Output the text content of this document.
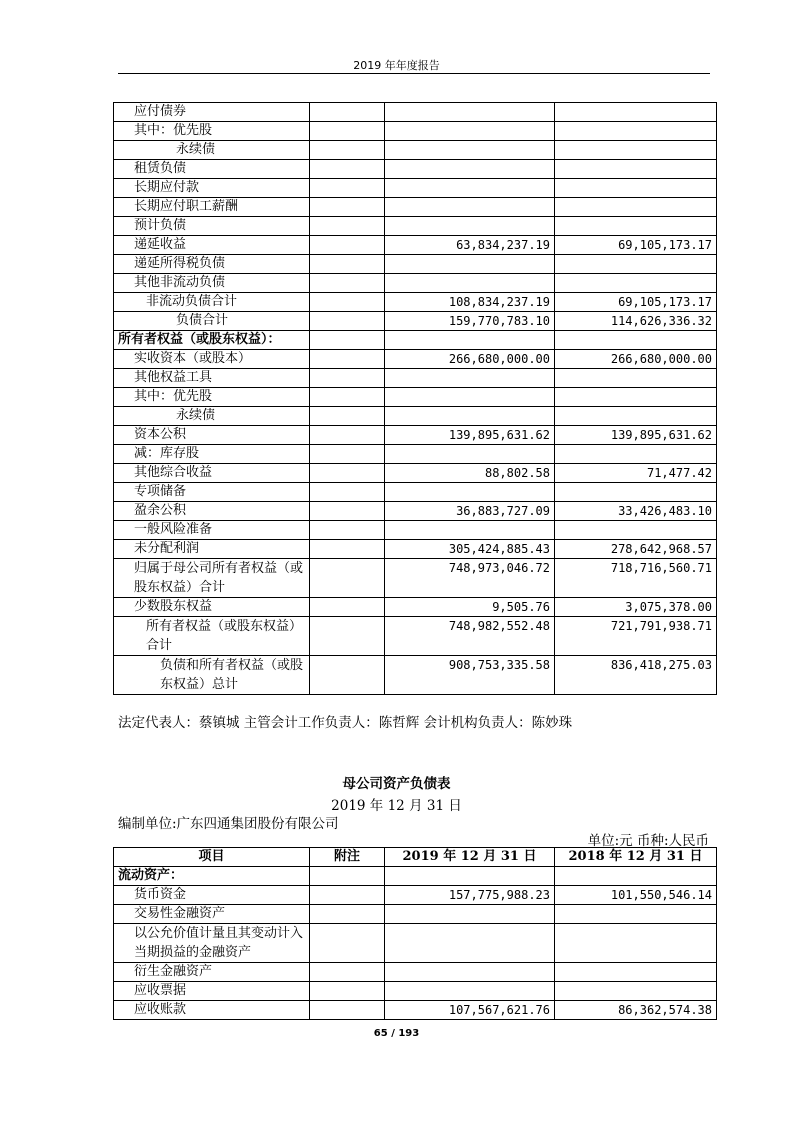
2019 年年度报告
应付债券			
其中：优先股			
永续债			
租赁负债			
长期应付款			
长期应付职工薪酬			
预计负债			
递延收益		63,834,237.19	69,105,173.17
递延所得税负债			
其他非流动负债			
非流动负债合计		108,834,237.19	69,105,173.17
负债合计		159,770,783.10	114,626,336.32
所有者权益（或股东权益）：			
实收资本（或股本）		266,680,000.00	266,680,000.00
其他权益工具			
其中：优先股			
永续债			
资本公积		139,895,631.62	139,895,631.62
减：库存股			
其他综合收益		88,802.58	71,477.42
专项储备			
盈余公积		36,883,727.09	33,426,483.10
一般风险准备			
未分配利润		305,424,885.43	278,642,968.57
归属于母公司所有者权益（或股东权益）合计		748,973,046.72	718,716,560.71
少数股东权益		9,505.76	3,075,378.00
所有者权益（或股东权益）合计		748,982,552.48	721,791,938.71
负债和所有者权益（或股东权益）总计		908,753,335.58	836,418,275.03
法定代表人：蔡镇城 主管会计工作负责人：陈哲辉 会计机构负责人：陈妙珠
母公司资产负债表
2019 年 12 月 31 日
编制单位:广东四通集团股份有限公司
单位:元 币种:人民币
项目	附注	2019 年 12 月 31 日	2018 年 12 月 31 日
流动资产：			
货币资金		157,775,988.23	101,550,546.14
交易性金融资产			
以公允价值计量且其变动计入当期损益的金融资产			
衍生金融资产			
应收票据			
应收账款		107,567,621.76	86,362,574.38
65 / 193
